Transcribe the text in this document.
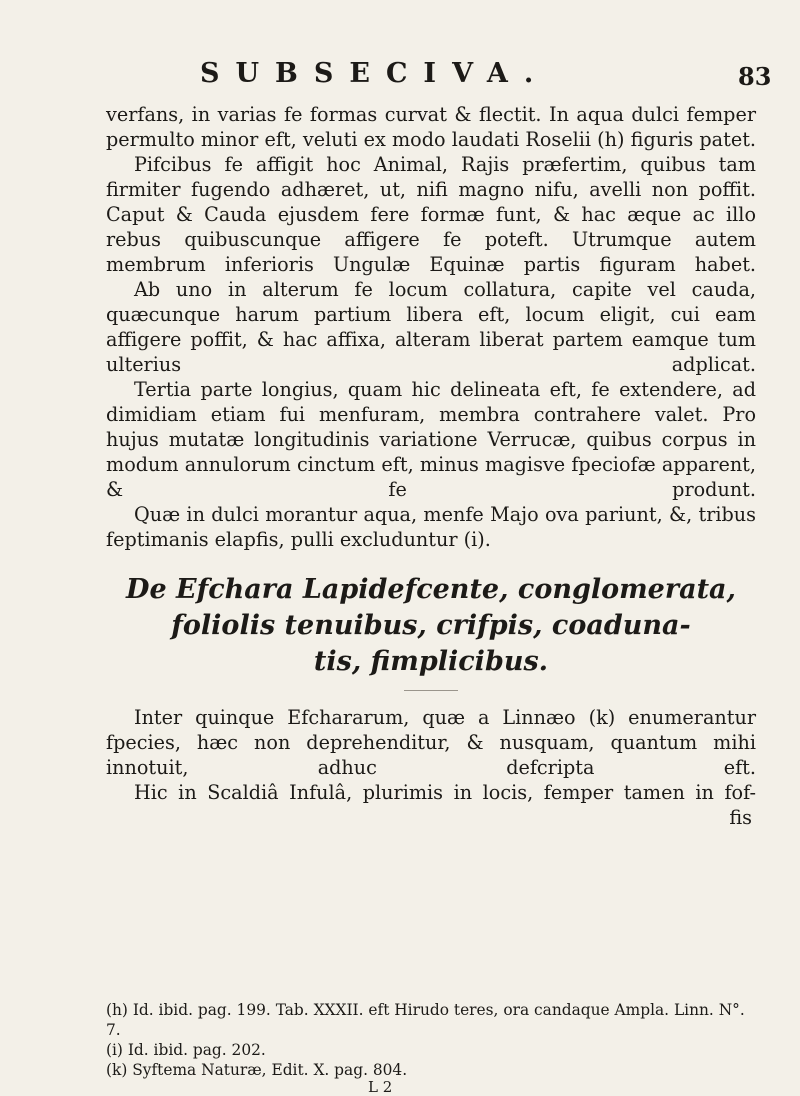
SUBSECIVA.	83

verfans, in varias fe formas curvat & flectit. In aqua dulci femper permulto minor eft, veluti ex modo laudati Roselii (h) figuris patet.

Pifcibus fe affigit hoc Animal, Rajis præfertim, quibus tam firmiter fugendo adhæret, ut, nifi magno nifu, avelli non poffit. Caput & Cauda ejusdem fere formæ funt, & hac æque ac illo rebus quibuscunque affigere fe poteft. Utrumque autem membrum inferioris Ungulæ Equinæ partis figuram habet.

Ab uno in alterum fe locum collatura, capite vel cauda, quæcunque harum partium libera eft, locum eligit, cui eam affigere poffit, & hac affixa, alteram liberat partem eamque tum ulterius adplicat.

Tertia parte longius, quam hic delineata eft, fe extendere, ad dimidiam etiam fui menfuram, membra contrahere valet. Pro hujus mutatæ longitudinis variatione Verrucæ, quibus corpus in modum annulorum cinctum eft, minus magisve fpeciofæ apparent, & fe produnt.

Quæ in dulci morantur aqua, menfe Majo ova pariunt, &, tribus feptimanis elapfis, pulli excluduntur (i).

De Efchara Lapidefcente, conglomerata,
foliolis tenuibus, crifpis, coaduna-
tis, fimplicibus.

Inter quinque Efchararum, quæ a Linnæo (k) enumerantur fpecies, hæc non deprehenditur, & nusquam, quantum mihi innotuit, adhuc defcripta eft.

Hic in Scaldiâ Infulâ, plurimis in locis, femper tamen in fof-

fis
(h) Id. ibid. pag. 199. Tab. XXXII. eft Hirudo teres, ora candaque Ampla. Linn. N°. 7.
(i) Id. ibid. pag. 202.
(k) Syftema Naturæ, Edit. X. pag. 804.
L 2
